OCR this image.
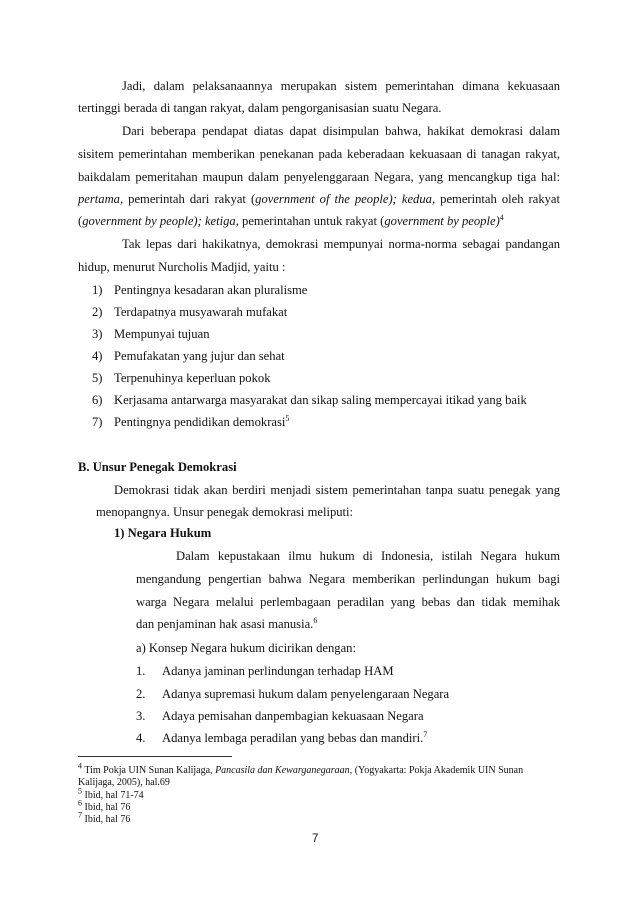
Jadi, dalam pelaksanaannya merupakan sistem pemerintahan dimana kekuasaan
tertinggi berada di tangan rakyat, dalam pengorganisasian suatu Negara.
Dari beberapa pendapat diatas dapat disimpulan bahwa, hakikat demokrasi dalam
sisitem pemerintahan memberikan penekanan pada keberadaan kekuasaan di tanagan rakyat,
baikdalam pemeritahan maupun dalam penyelenggaraan Negara, yang mencangkup tiga hal:
pertama, pemerintah dari rakyat (government of the people); kedua, pemerintah oleh rakyat
(government by people); ketiga, pemerintahan untuk rakyat (government by people)$^4$
Tak lepas dari hakikatnya, demokrasi mempunyai norma-norma sebagai pandangan
hidup, menurut Nurcholis Madjid, yaitu :
1) Pentingnya kesadaran akan pluralisme
2) Terdapatnya musyawarah mufakat
3) Mempunyai tujuan
4) Pemufakatan yang jujur dan sehat
5) Terpenuhinya keperluan pokok
6) Kerjasama antarwarga masyarakat dan sikap saling mempercayai itikad yang baik
7) Pentingnya pendidikan demokrasi$^5$
B. Unsur Penegak Demokrasi
Demokrasi tidak akan berdiri menjadi sistem pemerintahan tanpa suatu penegak yang
menopangnya. Unsur penegak demokrasi meliputi:
1) Negara Hukum
Dalam kepustakaan ilmu hukum di Indonesia, istilah Negara hukum
mengandung pengertian bahwa Negara memberikan perlindungan hukum bagi
warga Negara melalui perlembagaan peradilan yang bebas dan tidak memihak
dan penjaminan hak asasi manusia.$^6$
a) Konsep Negara hukum dicirikan dengan:
1. Adanya jaminan perlindungan terhadap HAM
2. Adanya supremasi hukum dalam penyelengaraan Negara
3. Adaya pemisahan danpembagian kekuasaan Negara
4. Adanya lembaga peradilan yang bebas dan mandiri.$^7$
$^4$ Tim Pokja UIN Sunan Kalijaga, Pancasila dan Kewarganegaraan, (Yogyakarta: Pokja Akademik UIN Sunan
Kalijaga, 2005), hal.69
$^5$ Ibid, hal 71-74
$^6$ Ibid, hal 76
$^7$ Ibid, hal 76
7
